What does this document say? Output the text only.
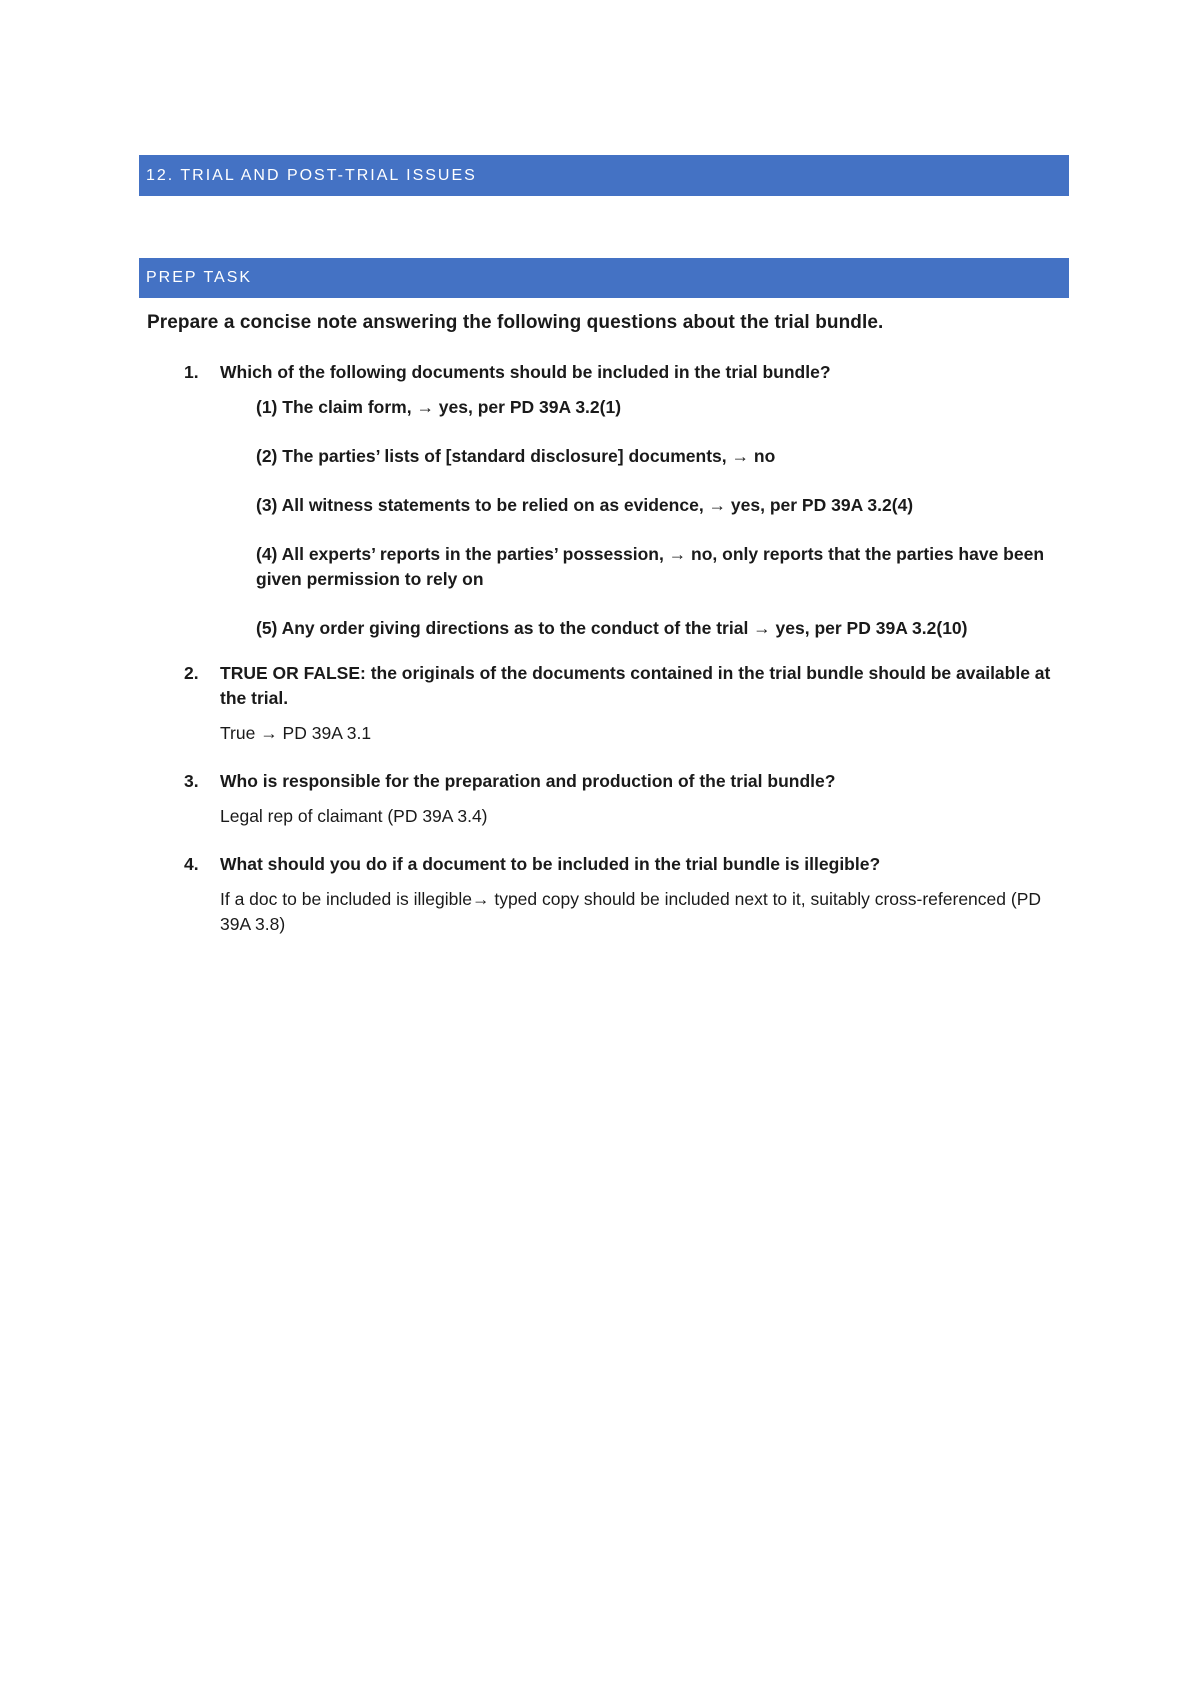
12. TRIAL AND POST-TRIAL ISSUES
PREP TASK
Prepare a concise note answering the following questions about the trial bundle.
1. Which of the following documents should be included in the trial bundle?
(1) The claim form, → yes, per PD 39A 3.2(1)
(2) The parties’ lists of [standard disclosure] documents, → no
(3) All witness statements to be relied on as evidence, → yes, per PD 39A 3.2(4)
(4) All experts’ reports in the parties’ possession, → no, only reports that the parties have been given permission to rely on
(5) Any order giving directions as to the conduct of the trial → yes, per PD 39A 3.2(10)
2. TRUE OR FALSE: the originals of the documents contained in the trial bundle should be available at the trial.
True → PD 39A 3.1
3. Who is responsible for the preparation and production of the trial bundle?
Legal rep of claimant (PD 39A 3.4)
4. What should you do if a document to be included in the trial bundle is illegible?
If a doc to be included is illegible→ typed copy should be included next to it, suitably cross-referenced (PD 39A 3.8)
